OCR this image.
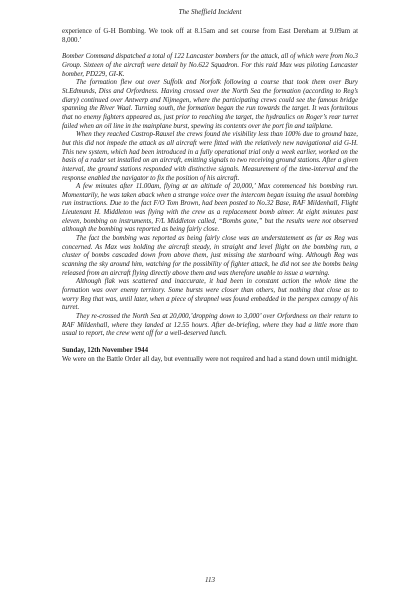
The Sheffield Incident

experience of G-H Bombing. We took off at 8.15am and set course from East Dereham at 9.09am at 8,000.’

Bomber Command dispatched a total of 122 Lancaster bombers for the attack, all of which were from No.3 Group. Sixteen of the aircraft were detail by No.622 Squadron. For this raid Max was piloting Lancaster bomber, PD229, GI-K.

The formation flew out over Suffolk and Norfolk following a course that took them over Bury St.Edmunds, Diss and Orfordness. Having crossed over the North Sea the formation (according to Reg’s diary) continued over Antwerp and Nijmegen, where the participating crews could see the famous bridge spanning the River Waal. Turning south, the formation began the run towards the target. It was fortuitous that no enemy fighters appeared as, just prior to reaching the target, the hydraulics on Roger’s rear turret failed when an oil line in the mainplane burst, spewing its contents over the port fin and tailplane.

When they reached Castrop-Rauxel the crews found the visibility less than 100% due to ground haze, but this did not impede the attack as all aircraft were fitted with the relatively new navigational aid G-H. This new system, which had been introduced in a fully operational trial only a week earlier, worked on the basis of a radar set installed on an aircraft, emitting signals to two receiving ground stations. After a given interval, the ground stations responded with distinctive signals. Measurement of the time-interval and the response enabled the navigator to fix the position of his aircraft.

A few minutes after 11.00am, flying at an altitude of 20,000,’ Max commenced his bombing run. Momentarily, he was taken aback when a strange voice over the intercom began issuing the usual bombing run instructions. Due to the fact F/O Tom Brown, had been posted to No.32 Base, RAF Mildenhall, Flight Lieutenant H. Middleton was flying with the crew as a replacement bomb aimer. At eight minutes past eleven, bombing on instruments, F/L Middleton called, “Bombs gone,” but the results were not observed although the bombing was reported as being fairly close.

The fact the bombing was reported as being fairly close was an understatement as far as Reg was concerned. As Max was holding the aircraft steady, in straight and level flight on the bombing run, a cluster of bombs cascaded down from above them, just missing the starboard wing. Although Reg was scanning the sky around him, watching for the possibility of fighter attack, he did not see the bombs being released from an aircraft flying directly above them and was therefore unable to issue a warning.

Although flak was scattered and inaccurate, it had been in constant action the whole time the formation was over enemy territory. Some bursts were closer than others, but nothing that close as to worry Reg that was, until later, when a piece of shrapnel was found embedded in the perspex canopy of his turret.

They re-crossed the North Sea at 20,000,’dropping down to 3,000’ over Orfordness on their return to RAF Mildenhall, where they landed at 12.55 hours. After de-briefing, where they had a little more than usual to report, the crew went off for a well-deserved lunch.

Sunday, 12th November 1944

We were on the Battle Order all day, but eventually were not required and had a stand down until midnight.

113
